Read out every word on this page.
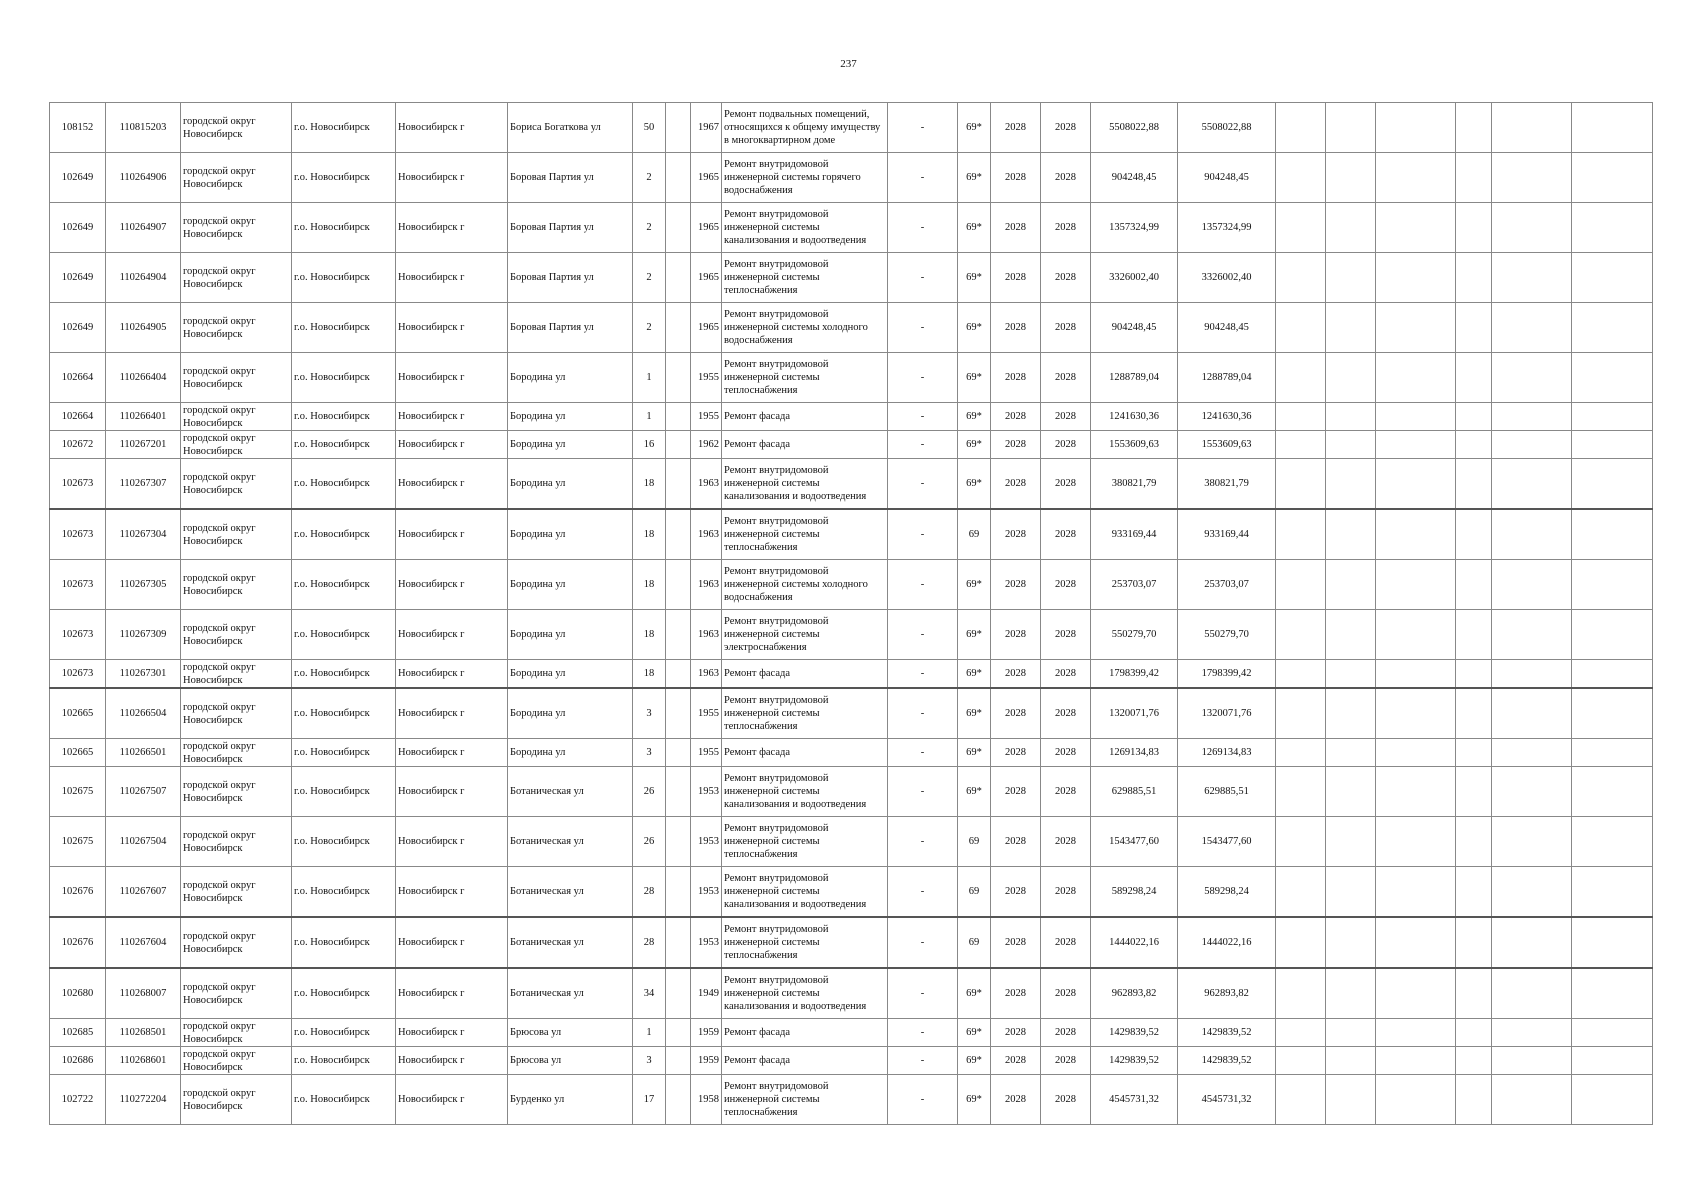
237
108152	110815203	городской округ Новосибирск	г.о. Новосибирск	Новосибирск г	Бориса Богаткова ул	50		1967	Ремонт подвальных помещений, относящихся к общему имуществу в многоквартирном доме	-	69*	2028	2028	5508022,88	5508022,88						
102649	110264906	городской округ Новосибирск	г.о. Новосибирск	Новосибирск г	Боровая Партия ул	2		1965	Ремонт внутридомовой инженерной системы горячего водоснабжения	-	69*	2028	2028	904248,45	904248,45						
102649	110264907	городской округ Новосибирск	г.о. Новосибирск	Новосибирск г	Боровая Партия ул	2		1965	Ремонт внутридомовой инженерной системы канализования и водоотведения	-	69*	2028	2028	1357324,99	1357324,99						
102649	110264904	городской округ Новосибирск	г.о. Новосибирск	Новосибирск г	Боровая Партия ул	2		1965	Ремонт внутридомовой инженерной системы теплоснабжения	-	69*	2028	2028	3326002,40	3326002,40						
102649	110264905	городской округ Новосибирск	г.о. Новосибирск	Новосибирск г	Боровая Партия ул	2		1965	Ремонт внутридомовой инженерной системы холодного водоснабжения	-	69*	2028	2028	904248,45	904248,45						
102664	110266404	городской округ Новосибирск	г.о. Новосибирск	Новосибирск г	Бородина ул	1		1955	Ремонт внутридомовой инженерной системы теплоснабжения	-	69*	2028	2028	1288789,04	1288789,04						
102664	110266401	городской округ Новосибирск	г.о. Новосибирск	Новосибирск г	Бородина ул	1		1955	Ремонт фасада	-	69*	2028	2028	1241630,36	1241630,36						
102672	110267201	городской округ Новосибирск	г.о. Новосибирск	Новосибирск г	Бородина ул	16		1962	Ремонт фасада	-	69*	2028	2028	1553609,63	1553609,63						
102673	110267307	городской округ Новосибирск	г.о. Новосибирск	Новосибирск г	Бородина ул	18		1963	Ремонт внутридомовой инженерной системы канализования и водоотведения	-	69*	2028	2028	380821,79	380821,79						
102673	110267304	городской округ Новосибирск	г.о. Новосибирск	Новосибирск г	Бородина ул	18		1963	Ремонт внутридомовой инженерной системы теплоснабжения	-	69	2028	2028	933169,44	933169,44						
102673	110267305	городской округ Новосибирск	г.о. Новосибирск	Новосибирск г	Бородина ул	18		1963	Ремонт внутридомовой инженерной системы холодного водоснабжения	-	69*	2028	2028	253703,07	253703,07						
102673	110267309	городской округ Новосибирск	г.о. Новосибирск	Новосибирск г	Бородина ул	18		1963	Ремонт внутридомовой инженерной системы электроснабжения	-	69*	2028	2028	550279,70	550279,70						
102673	110267301	городской округ Новосибирск	г.о. Новосибирск	Новосибирск г	Бородина ул	18		1963	Ремонт фасада	-	69*	2028	2028	1798399,42	1798399,42						
102665	110266504	городской округ Новосибирск	г.о. Новосибирск	Новосибирск г	Бородина ул	3		1955	Ремонт внутридомовой инженерной системы теплоснабжения	-	69*	2028	2028	1320071,76	1320071,76						
102665	110266501	городской округ Новосибирск	г.о. Новосибирск	Новосибирск г	Бородина ул	3		1955	Ремонт фасада	-	69*	2028	2028	1269134,83	1269134,83						
102675	110267507	городской округ Новосибирск	г.о. Новосибирск	Новосибирск г	Ботаническая ул	26		1953	Ремонт внутридомовой инженерной системы канализования и водоотведения	-	69*	2028	2028	629885,51	629885,51						
102675	110267504	городской округ Новосибирск	г.о. Новосибирск	Новосибирск г	Ботаническая ул	26		1953	Ремонт внутридомовой инженерной системы теплоснабжения	-	69	2028	2028	1543477,60	1543477,60						
102676	110267607	городской округ Новосибирск	г.о. Новосибирск	Новосибирск г	Ботаническая ул	28		1953	Ремонт внутридомовой инженерной системы канализования и водоотведения	-	69	2028	2028	589298,24	589298,24						
102676	110267604	городской округ Новосибирск	г.о. Новосибирск	Новосибирск г	Ботаническая ул	28		1953	Ремонт внутридомовой инженерной системы теплоснабжения	-	69	2028	2028	1444022,16	1444022,16						
102680	110268007	городской округ Новосибирск	г.о. Новосибирск	Новосибирск г	Ботаническая ул	34		1949	Ремонт внутридомовой инженерной системы канализования и водоотведения	-	69*	2028	2028	962893,82	962893,82						
102685	110268501	городской округ Новосибирск	г.о. Новосибирск	Новосибирск г	Брюсова ул	1		1959	Ремонт фасада	-	69*	2028	2028	1429839,52	1429839,52						
102686	110268601	городской округ Новосибирск	г.о. Новосибирск	Новосибирск г	Брюсова ул	3		1959	Ремонт фасада	-	69*	2028	2028	1429839,52	1429839,52						
102722	110272204	городской округ Новосибирск	г.о. Новосибирск	Новосибирск г	Бурденко ул	17		1958	Ремонт внутридомовой инженерной системы теплоснабжения	-	69*	2028	2028	4545731,32	4545731,32						
